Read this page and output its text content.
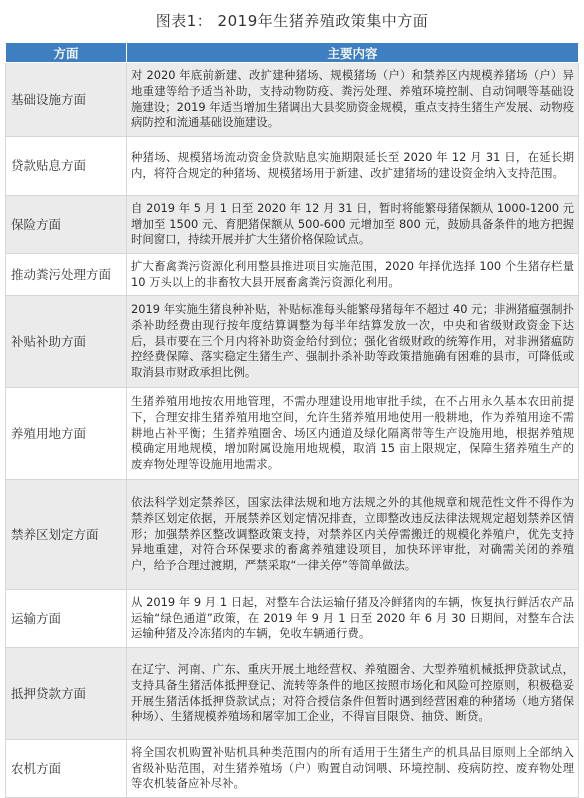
图表1： 2019年生猪养殖政策集中方面
方面	主要内容
基础设施方面	对 2020 年底前新建、改扩建种猪场、规模猪场（户）和禁养区内规模养猪场（户）异地重建等给予适当补助，支持动物防疫、粪污处理、养殖环境控制、自动饲喂等基础设施建设；2019 年适当增加生猪调出大县奖励资金规模，重点支持生猪生产发展、动物疫病防控和流通基础设施建设。
贷款贴息方面	种猪场、规模猪场流动资金贷款贴息实施期限延长至 2020 年 12 月 31 日，在延长期内，将符合规定的种猪场、规模猪场用于新建、改扩建猪场的建设资金纳入支持范围。
保险方面	自 2019 年 5 月 1 日至 2020 年 12 月 31 日，暂时将能繁母猪保额从 1000-1200 元增加至 1500 元、育肥猪保额从 500-600 元增加至 800 元，鼓励具备条件的地方把握时间窗口，持续开展并扩大生猪价格保险试点。
推动粪污处理方面	扩大畜禽粪污资源化利用整县推进项目实施范围，2020 年择优选择 100 个生猪存栏量 10 万头以上的非畜牧大县开展畜禽粪污资源化利用。
补贴补助方面	2019 年实施生猪良种补贴，补贴标准每头能繁母猪每年不超过 40 元；非洲猪瘟强制扑杀补助经费由现行按年度结算调整为每半年结算发放一次，中央和省级财政资金下达后，县市要在三个月内将补助资金给付到位；强化省级财政的统筹作用，对非洲猪瘟防控经费保障、落实稳定生猪生产、强制扑杀补助等政策措施确有困难的县市，可降低或取消县市财政承担比例。
养殖用地方面	生猪养殖用地按农用地管理，不需办理建设用地审批手续，在不占用永久基本农田前提下，合理安排生猪养殖用地空间，允许生猪养殖用地使用一般耕地，作为养殖用途不需耕地占补平衡；生猪养殖圈舍、场区内通道及绿化隔离带等生产设施用地，根据养殖规模确定用地规模，增加附属设施用地规模，取消 15 亩上限规定，保障生猪养殖生产的废弃物处理等设施用地需求。
禁养区划定方面	依法科学划定禁养区，国家法律法规和地方法规之外的其他规章和规范性文件不得作为禁养区划定依据，开展禁养区划定情况排查，立即整改违反法律法规规定超划禁养区情形；加强禁养区整改调整政策支持，对禁养区内关停需搬迁的规模化养殖户，优先支持异地重建，对符合环保要求的畜禽养殖建设项目，加快环评审批，对确需关闭的养殖户，给予合理过渡期，严禁采取“一律关停”等简单做法。
运输方面	从 2019 年 9 月 1 日起，对整车合法运输仔猪及冷鲜猪肉的车辆，恢复执行鲜活农产品运输“绿色通道”政策，在 2019 年 9 月 1 日至 2020 年 6 月 30 日期间，对整车合法运输种猪及冷冻猪肉的车辆，免收车辆通行费。
抵押贷款方面	在辽宁、河南、广东、重庆开展土地经营权、养殖圈舍、大型养殖机械抵押贷款试点，支持具备生猪活体抵押登记、流转等条件的地区按照市场化和风险可控原则，积极稳妥开展生猪活体抵押贷款试点；对符合授信条件但暂时遇到经营困难的种猪场（地方猪保种场）、生猪规模养殖场和屠宰加工企业，不得盲目限贷、抽贷、断贷。
农机方面	将全国农机购置补贴机具种类范围内的所有适用于生猪生产的机具品目原则上全部纳入省级补贴范围，对生猪养殖场（户）购置自动饲喂、环境控制、疫病防控、废弃物处理等农机装备应补尽补。
